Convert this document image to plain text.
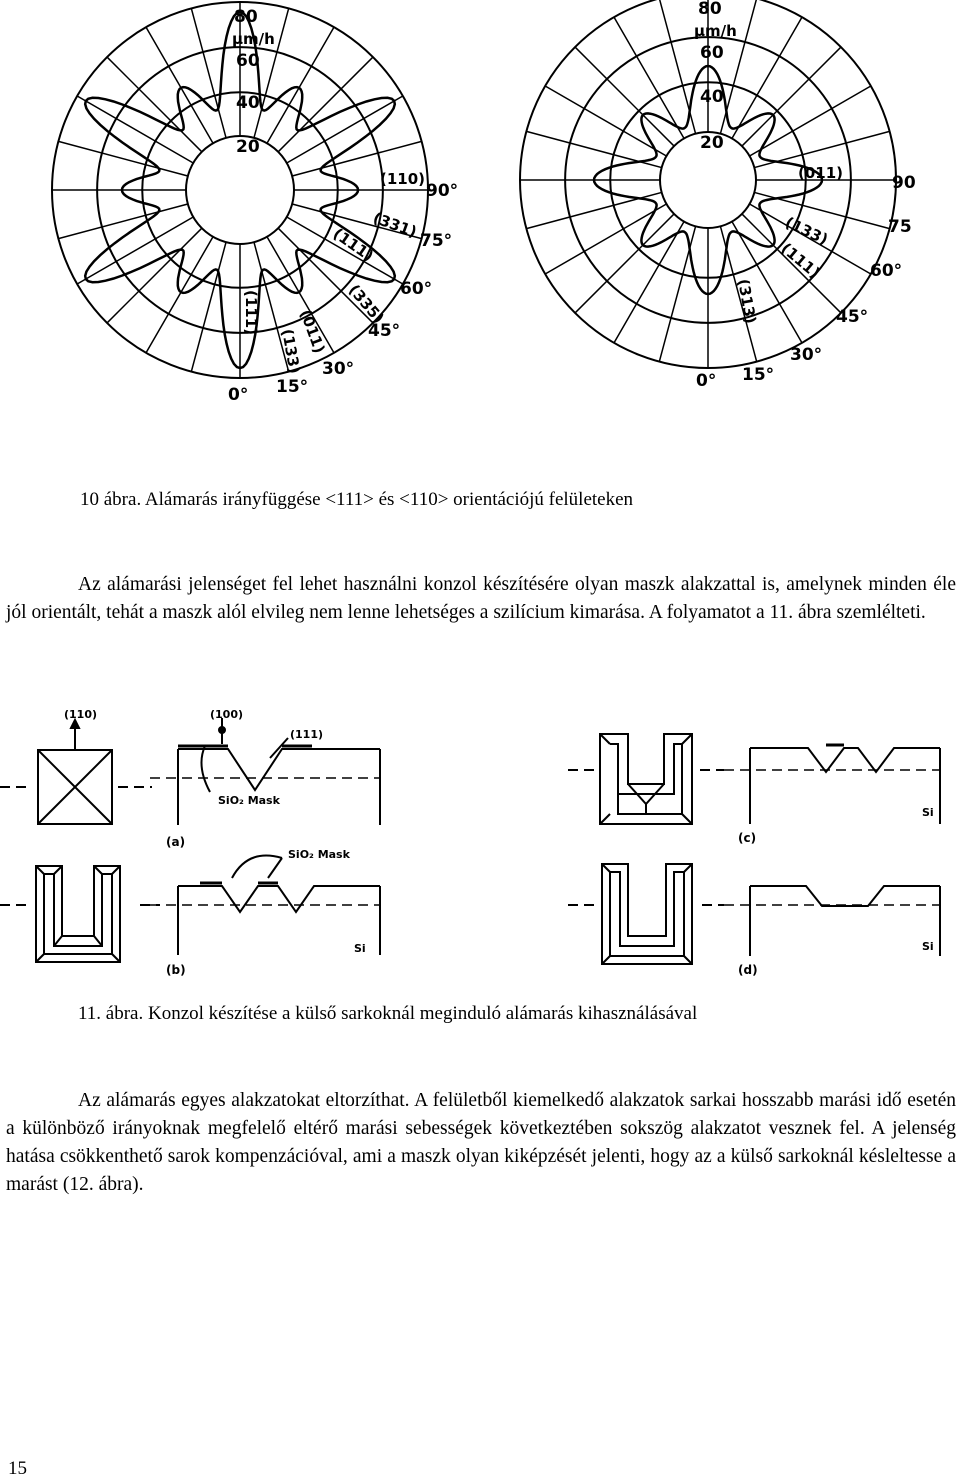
80
µm/h
60
40
20
90°
75°
60°
45°
30°
15°
0°
(110)
(331)
(111)
(335)
(011)
(111)
(133)
80
µm/h
60
40
20
90
75
60°
45°
30°
15°
0°
(011)
(133)
(111)
(313)
10 ábra. Alámarás irányfüggése <111> és <110> orientációjú felületeken

Az alámarási jelenséget fel lehet használni konzol készítésére olyan maszk alakzattal is, amelynek minden éle jól orientált, tehát a maszk alól elvileg nem lenne lehetséges a szilícium kimarása. A folyamatot a 11. ábra szemlélteti.

(110)	(100)
(111)
SiO₂ Mask
SiO₂ Mask
Si
Si
Si
(a)
(b)
(c)
(d)
11. ábra. Konzol készítése a külső sarkoknál meginduló alámarás kihasználásával

Az alámarás egyes alakzatokat eltorzíthat. A felületből kiemelkedő alakzatok sarkai hosszabb marási idő esetén a különböző irányoknak megfelelő eltérő marási sebességek következtében sokszög alakzatot vesznek fel. A jelenség hatása csökkenthető sarok kompenzációval, ami a maszk olyan kiképzését jelenti, hogy az a külső sarkoknál késleltesse a marást (12. ábra).

15
